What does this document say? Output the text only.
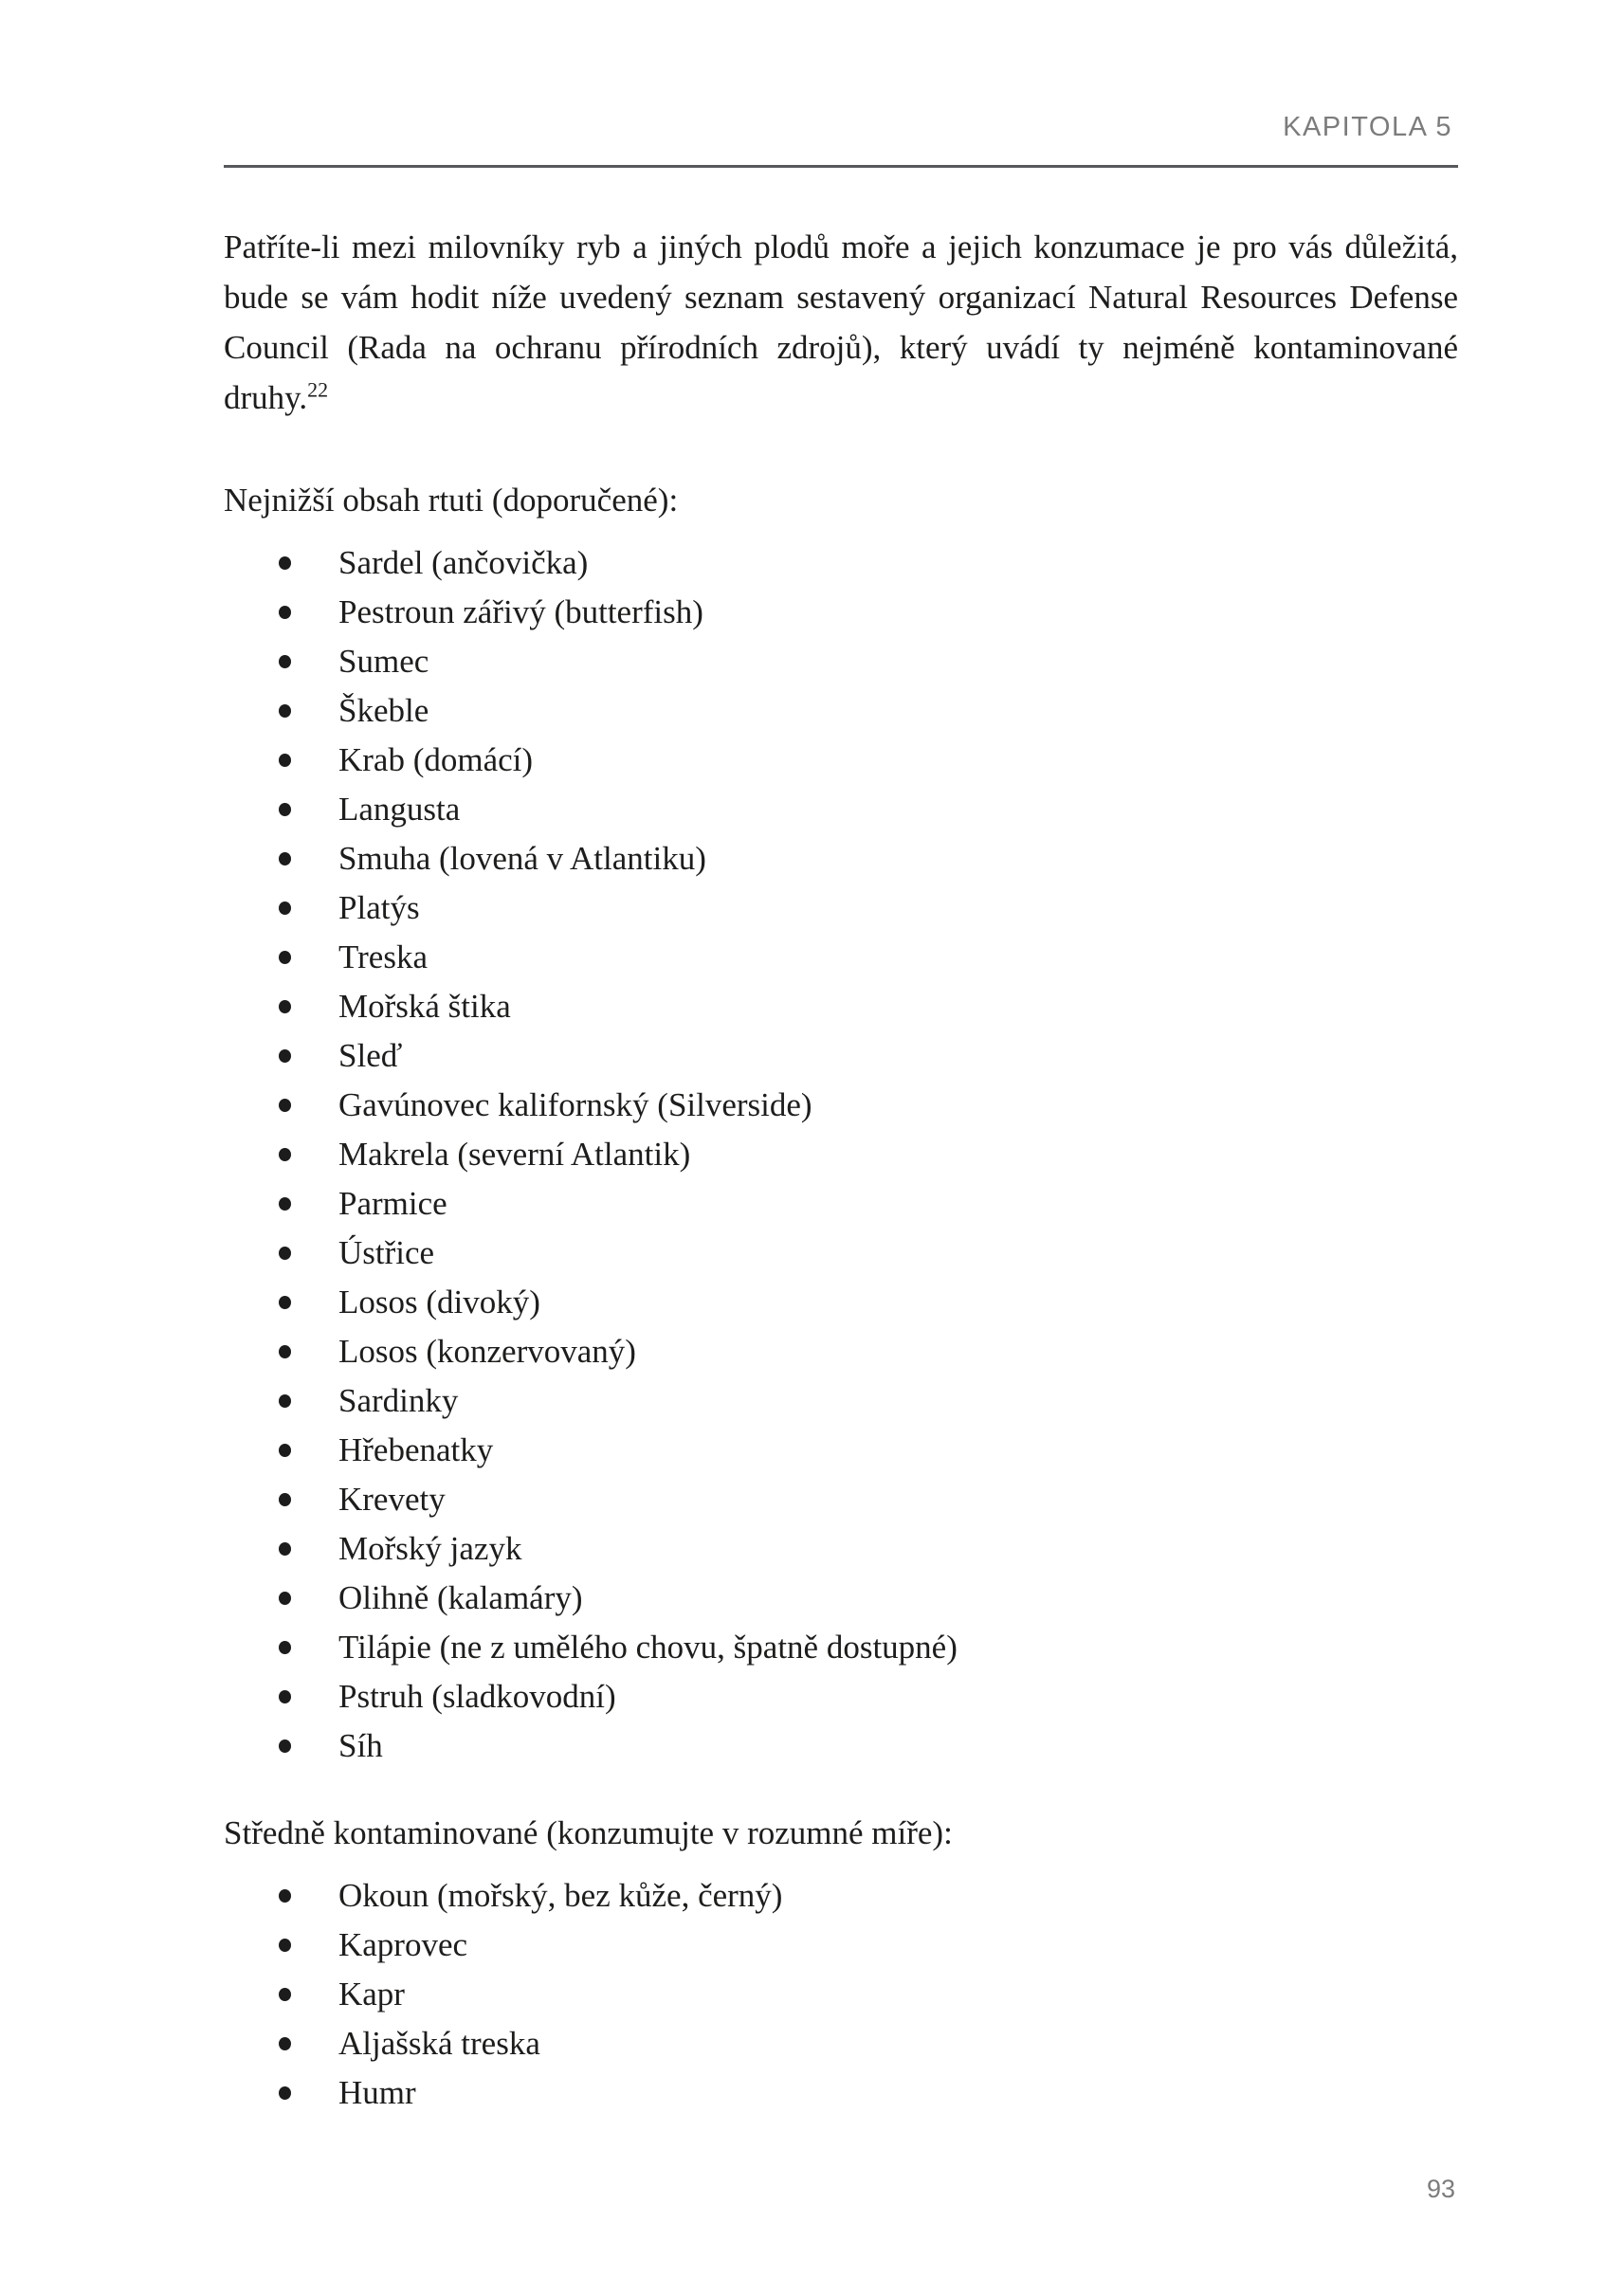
KAPITOLA 5

Patříte-li mezi milovníky ryb a jiných plodů moře a jejich konzumace je pro vás důležitá, bude se vám hodit níže uvedený seznam sestavený organizací Natural Resources Defense Council (Rada na ochranu přírodních zdrojů), který uvádí ty nejméně kontaminované druhy.$^{22}$

Nejnižší obsah rtuti (doporučené):
Sardel (ančovička)
Pestroun zářivý (butterfish)
Sumec
Škeble
Krab (domácí)
Langusta
Smuha (lovená v Atlantiku)
Platýs
Treska
Mořská štika
Sleď
Gavúnovec kalifornský (Silverside)
Makrela (severní Atlantik)
Parmice
Ústřice
Losos (divoký)
Losos (konzervovaný)
Sardinky
Hřebenatky
Krevety
Mořský jazyk
Olihně (kalamáry)
Tilápie (ne z umělého chovu, špatně dostupné)
Pstruh (sladkovodní)
Síh
Středně kontaminované (konzumujte v rozumné míře):
Okoun (mořský, bez kůže, černý)
Kaprovec
Kapr
Aljašská treska
Humr
93
